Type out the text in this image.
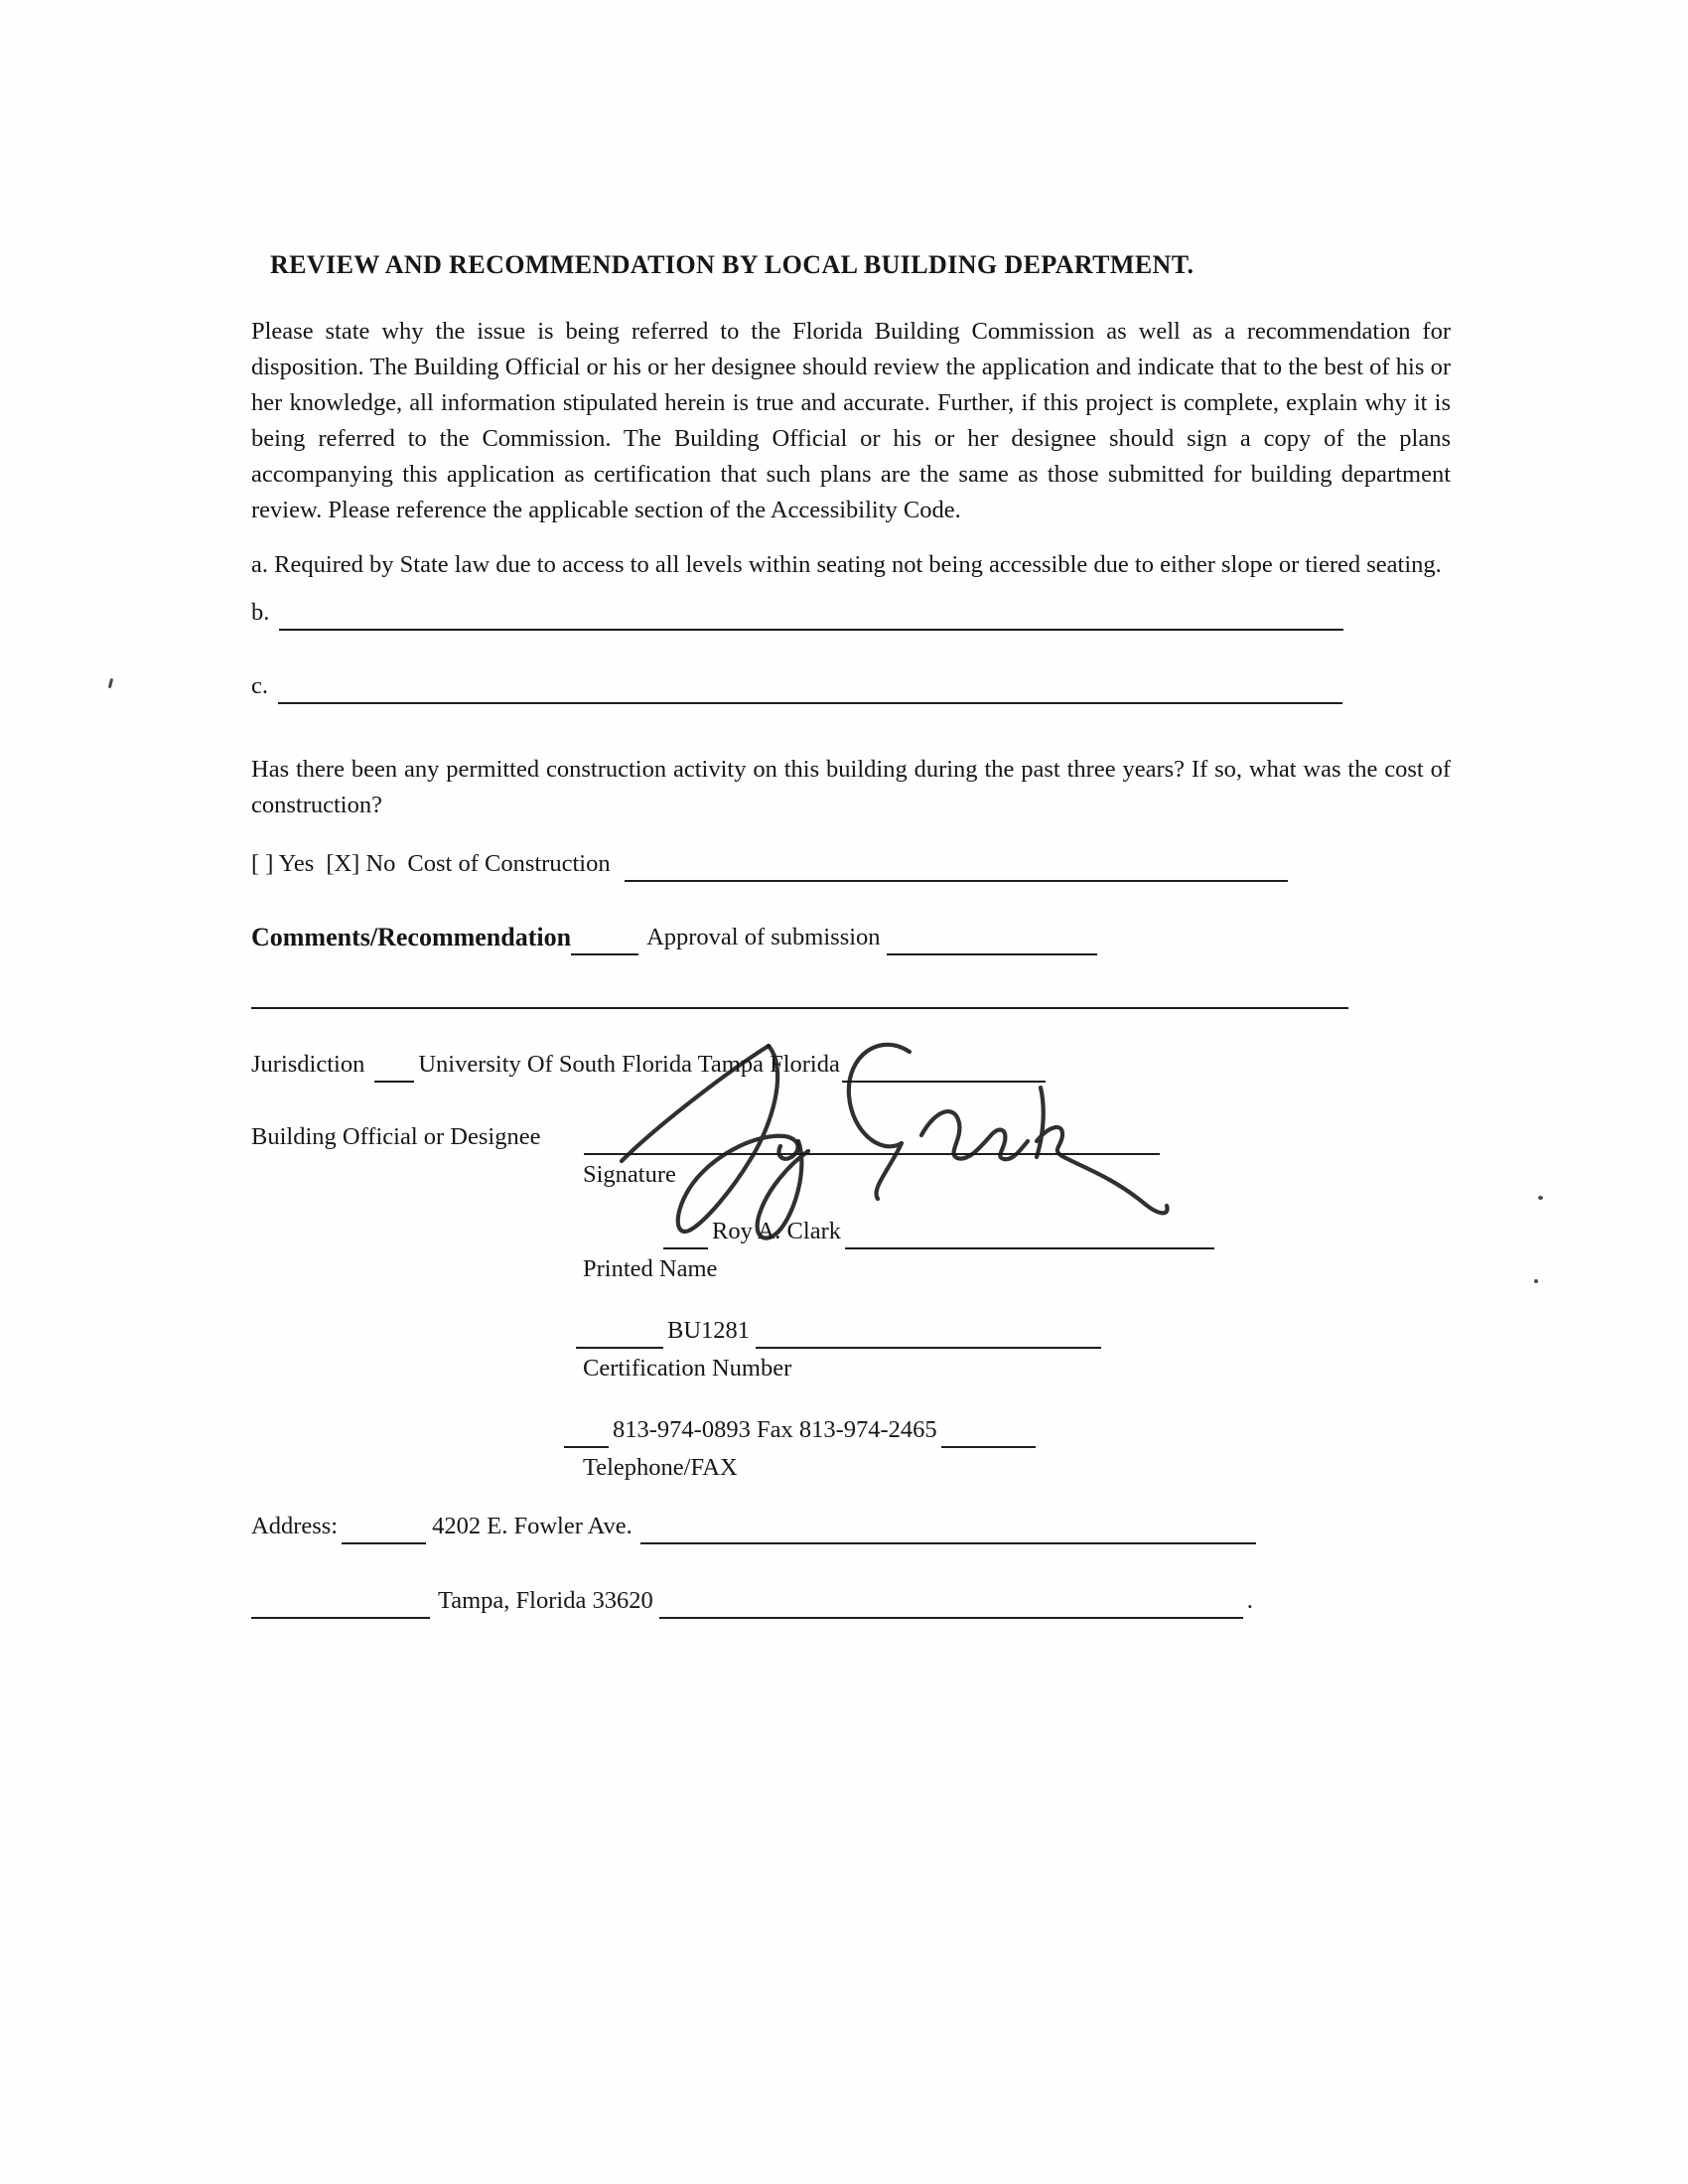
REVIEW AND RECOMMENDATION BY LOCAL BUILDING DEPARTMENT.
Please state why the issue is being referred to the Florida Building Commission as well as a recommendation for disposition. The Building Official or his or her designee should review the application and indicate that to the best of his or her knowledge, all information stipulated herein is true and accurate. Further, if this project is complete, explain why it is being referred to the Commission. The Building Official or his or her designee should sign a copy of the plans accompanying this application as certification that such plans are the same as those submitted for building department review. Please reference the applicable section of the Accessibility Code.
a. Required by State law due to access to all levels within seating not being accessible due to either slope or tiered seating.
b.
c.
Has there been any permitted construction activity on this building during the past three years? If so, what was the cost of construction?
[ ] Yes [X] No Cost of Construction
Comments/Recommendation	Approval of submission
Jurisdiction University Of South Florida Tampa Florida
Building Official or Designee
Signature
Roy A. Clark
Printed Name
BU1281
Certification Number
813-974-0893 Fax 813-974-2465
Telephone/FAX
Address:	4202 E. Fowler Ave.
Tampa, Florida 33620	.
